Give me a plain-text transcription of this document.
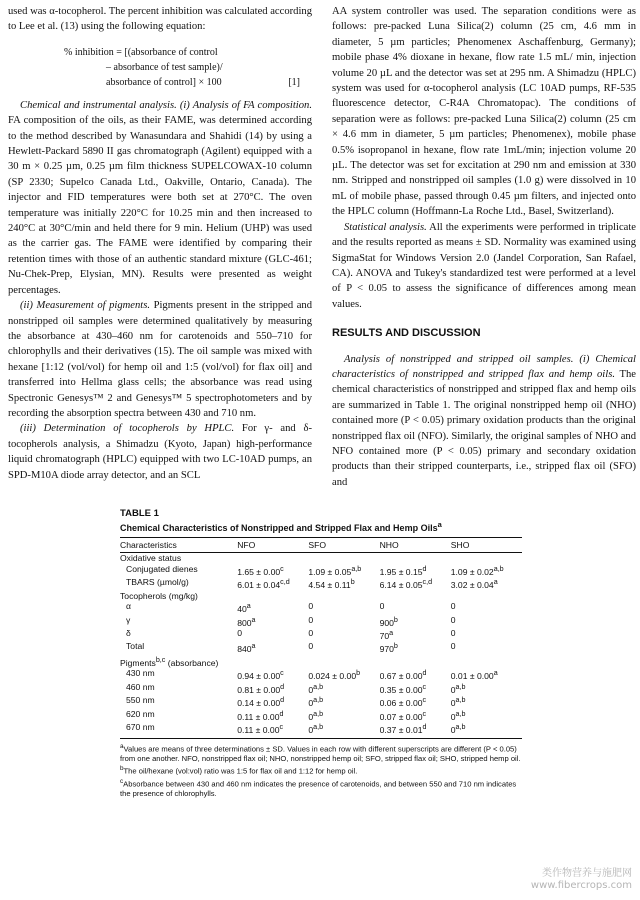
used was α-tocopherol. The percent inhibition was calculated according to Lee et al. (13) using the following equation:

% inhibition = [(absorbance of control
– absorbance of test sample)/
absorbance of control] × 100	[1]

Chemical and instrumental analysis. (i) Analysis of FA composition. FA composition of the oils, as their FAME, was determined according to the method described by Wanasundara and Shahidi (14) by using a Hewlett-Packard 5890 II gas chromatograph (Agilent) equipped with a 30 m × 0.25 µm, 0.25 µm film thickness SUPELCOWAX-10 column (SP 2330; Supelco Canada Ltd., Oakville, Ontario, Canada). The injector and FID temperatures were both set at 270°C. The oven temperature was initially 220°C for 10.25 min and then increased to 240°C at 30°C/min and held there for 9 min. Helium (UHP) was used as the carrier gas. The FAME were identified by comparing their retention times with those of an authentic standard mixture (GLC-461; Nu-Chek-Prep, Elysian, MN). Results were presented as weight percentages.

(ii) Measurement of pigments. Pigments present in the stripped and nonstripped oil samples were determined qualitatively by measuring the absorbance at 430–460 nm for carotenoids and 550–710 for chlorophylls and their derivatives (15). The oil sample was mixed with hexane [1:12 (vol/vol) for hemp oil and 1:5 (vol/vol) for flax oil] and transferred into Hellma glass cells; the absorbance was read using Spectronic Genesys™ 2 and Genesys™ 5 spectrophotometers and by recording the absorption spectra between 430 and 710 nm.

(iii) Determination of tocopherols by HPLC. For γ- and δ-tocopherols analysis, a Shimadzu (Kyoto, Japan) high-performance liquid chromatograph (HPLC) equipped with two LC-10AD pumps, an SPD-M10A diode array detector, and an SCL

AA system controller was used. The separation conditions were as follows: pre-packed Luna Silica(2) column (25 cm, 4.6 mm in diameter, 5 µm particles; Phenomenex Aschaffenburg, Germany); mobile phase 4% dioxane in hexane, flow rate 1.5 mL/ min, injection volume 20 µL and the detector was set at 295 nm. A Shimadzu (HPLC) system was used for α-tocopherol analysis (LC 10AD pumps, RF-535 fluorescence detector, C-R4A Chromatopac). The conditions of separation were as follows: pre-packed Luna Silica(2) column (25 cm × 4.6 mm in diameter, 5 µm particles; Phenomenex), mobile phase 0.5% isopropanol in hexane, flow rate 1mL/min; injection volume 20 µL. The detector was set for excitation at 290 nm and emission at 330 nm. Stripped and nonstripped oil samples (1.0 g) were dissolved in 10 mL of mobile phase, passed through 0.45 µm filters, and injected onto the HPLC column (Hoffmann-La Roche Ltd., Basel, Switzerland).

Statistical analysis. All the experiments were performed in triplicate and the results reported as means ± SD. Normality was examined using SigmaStat for Windows Version 2.0 (Jandel Corporation, San Rafael, CA). ANOVA and Tukey's standardized test were performed at a level of P < 0.05 to assess the significance of differences among mean values.

RESULTS AND DISCUSSION

Analysis of nonstripped and stripped oil samples. (i) Chemical characteristics of nonstripped and stripped flax and hemp oils. The chemical characteristics of nonstripped and stripped flax and hemp oils are summarized in Table 1. The original nonstripped hemp oil (NHO) contained more (P < 0.05) primary oxidation products than the original nonstripped flax oil (NFO). Similarly, the original samples of NHO and NFO contained more (P < 0.05) primary and secondary oxidation products than their stripped counterparts, i.e., stripped flax oil (SFO) and

TABLE 1
Chemical Characteristics of Nonstripped and Stripped Flax and Hemp Oils$^a$
Characteristics	NFO	SFO	NHO	SHO
Oxidative status				
Conjugated dienes	1.65 ± 0.00$^c$	$1.09 \pm 0.05^{a,b}$	1.95 ± 0.15$^d$	$1.09 \pm 0.02^{a,b}$
TBARS (µmol/g)	$6.01 \pm 0.04^{c,d}$	4.54 ± 0.11$^b$	$6.14 \pm 0.05^{c,d}$	3.02 ± 0.04$^a$
Tocopherols (mg/kg)				
α	40$^a$	0	0	0
γ	800$^a$	0	900$^b$	0
δ	0	0	70$^a$	0
Total	840$^a$	0	970$^b$	0
Pigments$^{b,c}$ (absorbance)				
430 nm	0.94 ± 0.00$^c$	0.024 ± 0.00$^b$	0.67 ± 0.00$^d$	0.01 ± 0.00$^a$
460 nm	0.81 ± 0.00$^d$	0$^{a,b}$	0.35 ± 0.00$^c$	0$^{a,b}$
550 nm	0.14 ± 0.00$^d$	0$^{a,b}$	0.06 ± 0.00$^c$	0$^{a,b}$
620 nm	0.11 ± 0.00$^d$	0$^{a,b}$	0.07 ± 0.00$^c$	0$^{a,b}$
670 nm	0.11 ± 0.00$^c$	0$^{a,b}$	0.37 ± 0.01$^d$	0$^{a,b}$
$^a$Values are means of three determinations ± SD. Values in each row with different superscripts are different (P < 0.05) from one another. NFO, nonstripped flax oil; NHO, nonstripped hemp oil; SFO, stripped flax oil; SHO, stripped hemp oil.
$^b$The oil/hexane (vol:vol) ratio was 1:5 for flax oil and 1:12 for hemp oil.
$^c$Absorbance between 430 and 460 nm indicates the presence of carotenoids, and between 550 and 710 nm indicates the presence of chlorophylls.
类作物营养与施肥网
www.fibercrops.com
